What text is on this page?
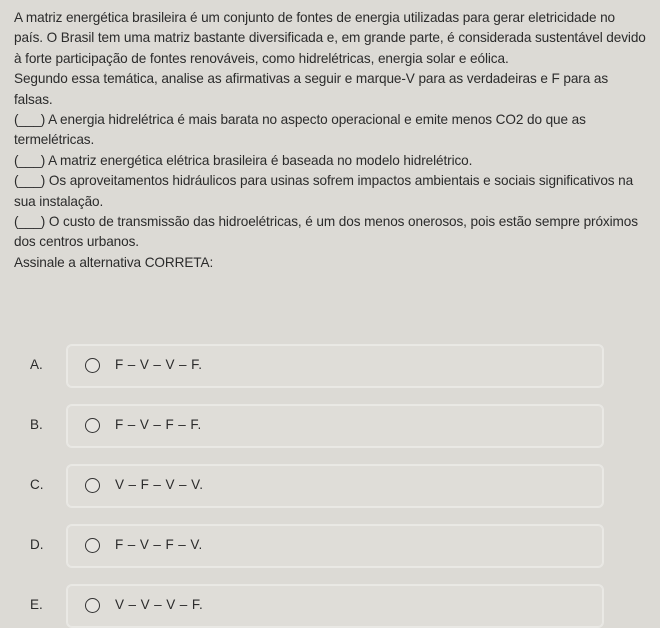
A matriz energética brasileira é um conjunto de fontes de energia utilizadas para gerar eletricidade no país. O Brasil tem uma matriz bastante diversificada e, em grande parte, é considerada sustentável devido à forte participação de fontes renováveis, como hidrelétricas, energia solar e eólica.

Segundo essa temática, analise as afirmativas a seguir e marque-V para as verdadeiras e F para as falsas.

(___) A energia hidrelétrica é mais barata no aspecto operacional e emite menos CO2 do que as termelétricas.

(___) A matriz energética elétrica brasileira é baseada no modelo hidrelétrico.

(___) Os aproveitamentos hidráulicos para usinas sofrem impactos ambientais e sociais significativos na sua instalação.

(___) O custo de transmissão das hidroelétricas, é um dos menos onerosos, pois estão sempre próximos dos centros urbanos.

Assinale a alternativa CORRETA:

A.	F – V – V – F.
B.	F – V – F – F.
C.	V – F – V – V.
D.	F – V – F – V.
E.	V – V – V – F.
